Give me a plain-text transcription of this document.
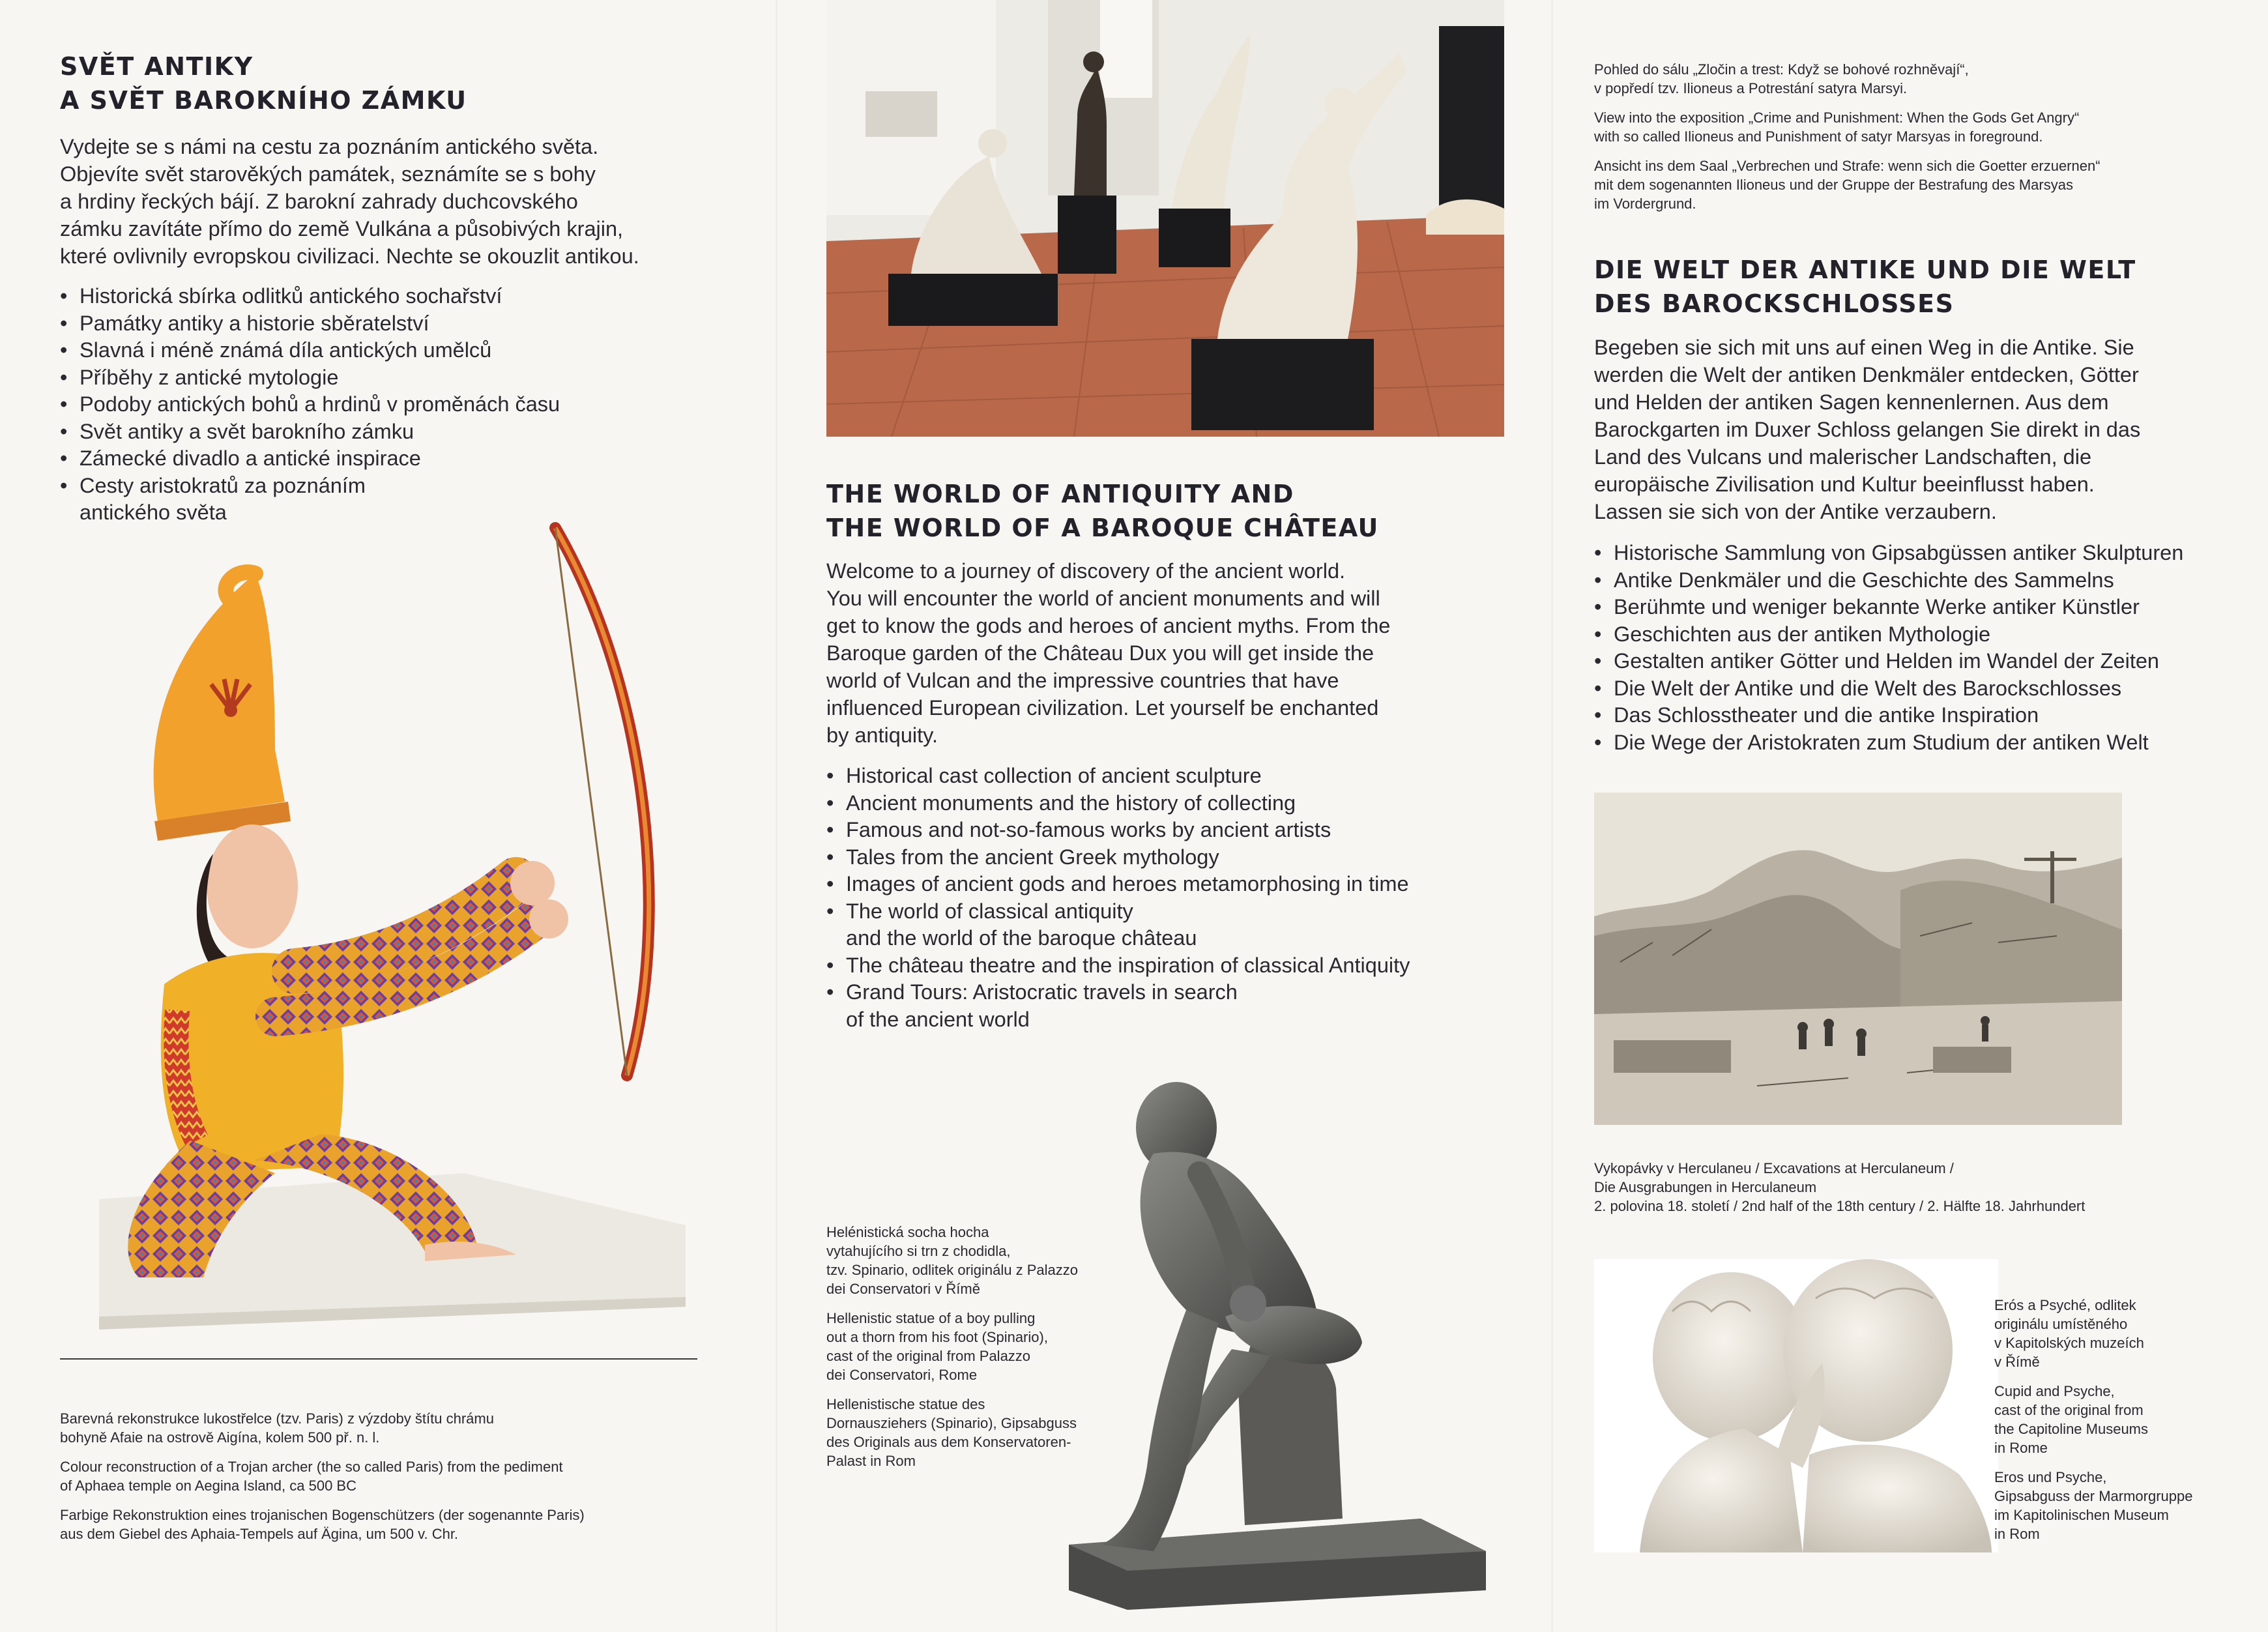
SVĚT ANTIKY
A SVĚT BAROKNÍHO ZÁMKU
Vydejte se s námi na cestu za poznáním antického světa.
Objevíte svět starověkých památek, seznámíte se s bohy
a hrdiny řeckých bájí. Z barokní zahrady duchcovského
zámku zavítáte přímo do země Vulkána a působivých krajin,
které ovlivnily evropskou civilizaci. Nechte se okouzlit antikou.
• Historická sbírka odlitků antického sochařství
• Památky antiky a historie sběratelství
• Slavná i méně známá díla antických umělců
• Příběhy z antické mytologie
• Podoby antických bohů a hrdinů v proměnách času
• Svět antiky a svět barokního zámku
• Zámecké divadlo a antické inspirace
• Cesty aristokratů za poznáním
antického světa

Barevná rekonstrukce lukostřelce (tzv. Paris) z výzdoby štítu chrámu
bohyně Afaie na ostrově Aigína, kolem 500 př. n. l.

Colour reconstruction of a Trojan archer (the so called Paris) from the pediment
of Aphaea temple on Aegina Island, ca 500 BC

Farbige Rekonstruktion eines trojanischen Bogenschützers (der sogenannte Paris)
aus dem Giebel des Aphaia-Tempels auf Ägina, um 500 v. Chr.

THE WORLD OF ANTIQUITY AND
THE WORLD OF A BAROQUE CHÂTEAU
Welcome to a journey of discovery of the ancient world.
You will encounter the world of ancient monuments and will
get to know the gods and heroes of ancient myths. From the
Baroque garden of the Château Dux you will get inside the
world of Vulcan and the impressive countries that have
influenced European civilization. Let yourself be enchanted
by antiquity.
• Historical cast collection of ancient sculpture
• Ancient monuments and the history of collecting
• Famous and not-so-famous works by ancient artists
• Tales from the ancient Greek mythology
• Images of ancient gods and heroes metamorphosing in time
• The world of classical antiquity
and the world of the baroque château
• The château theatre and the inspiration of classical Antiquity
• Grand Tours: Aristocratic travels in search
of the ancient world

Helénistická socha hocha
vytahujícího si trn z chodidla,
tzv. Spinario, odlitek originálu z Palazzo
dei Conservatori v Římě

Hellenistic statue of a boy pulling
out a thorn from his foot (Spinario),
cast of the original from Palazzo
dei Conservatori, Rome

Hellenistische statue des
Dornausziehers (Spinario), Gipsabguss
des Originals aus dem Konservatoren-
Palast in Rom

Pohled do sálu „Zločin a trest: Když se bohové rozhněvají“,
v popředí tzv. Ilioneus a Potrestání satyra Marsyi.

View into the exposition „Crime and Punishment: When the Gods Get Angry“
with so called Ilioneus and Punishment of satyr Marsyas in foreground.

Ansicht ins dem Saal „Verbrechen und Strafe: wenn sich die Goetter erzuernen“
mit dem sogenannten Ilioneus und der Gruppe der Bestrafung des Marsyas
im Vordergrund.

DIE WELT DER ANTIKE UND DIE WELT
DES BAROCKSCHLOSSES
Begeben sie sich mit uns auf einen Weg in die Antike. Sie
werden die Welt der antiken Denkmäler entdecken, Götter
und Helden der antiken Sagen kennenlernen. Aus dem
Barockgarten im Duxer Schloss gelangen Sie direkt in das
Land des Vulcans und malerischer Landschaften, die
europäische Zivilisation und Kultur beeinflusst haben.
Lassen sie sich von der Antike verzaubern.
• Historische Sammlung von Gipsabgüssen antiker Skulpturen
• Antike Denkmäler und die Geschichte des Sammelns
• Berühmte und weniger bekannte Werke antiker Künstler
• Geschichten aus der antiken Mythologie
• Gestalten antiker Götter und Helden im Wandel der Zeiten
• Die Welt der Antike und die Welt des Barockschlosses
• Das Schlosstheater und die antike Inspiration
• Die Wege der Aristokraten zum Studium der antiken Welt
Vykopávky v Herculaneu / Excavations at Herculaneum /
Die Ausgrabungen in Herculaneum
2. polovina 18. století / 2nd half of the 18th century / 2. Hälfte 18. Jahrhundert

Erós a Psyché, odlitek
originálu umístěného
v Kapitolských muzeích
v Římě

Cupid and Psyche,
cast of the original from
the Capitoline Museums
in Rome

Eros und Psyche,
Gipsabguss der Marmorgruppe
im Kapitolinischen Museum
in Rom
